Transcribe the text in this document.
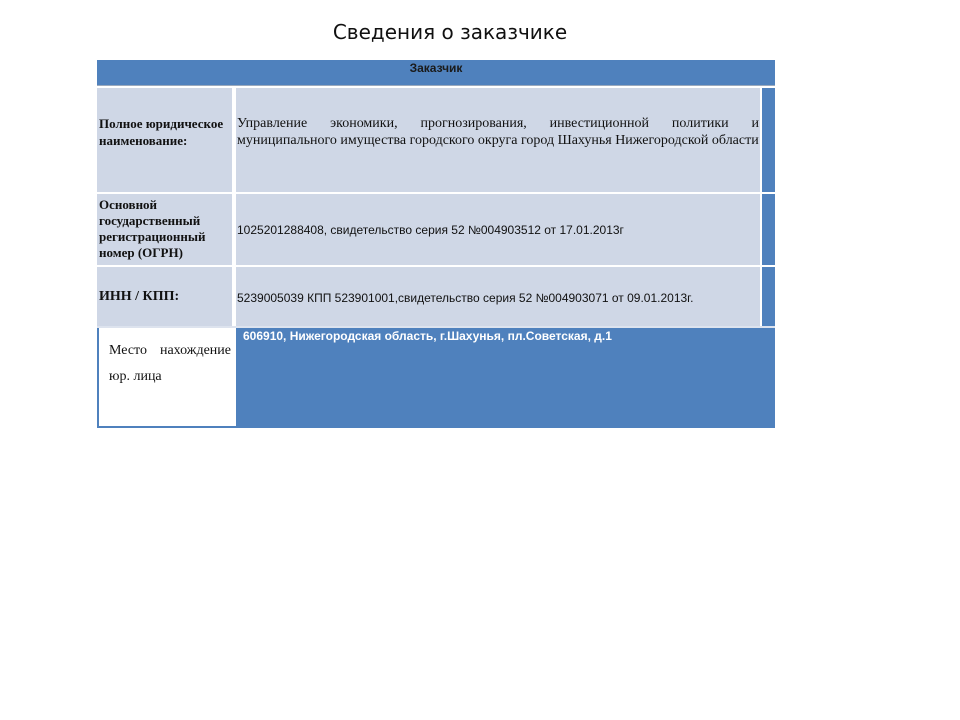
Сведения о заказчике
Заказчик
Полное юридическое наименование:
Управление экономики, прогнозирования, инвестиционной политики и муниципального имущества городского округа город Шахунья Нижегородской области
Основной государственный регистрационный номер (ОГРН)
1025201288408, свидетельство серия 52 №004903512 от 17.01.2013г
ИНН / КПП:	5239005039 КПП 523901001,свидетельство серия 52 №004903071 от 09.01.2013г.
Место нахождение юр. лица
606910, Нижегородская область, г.Шахунья, пл.Советская, д.1
